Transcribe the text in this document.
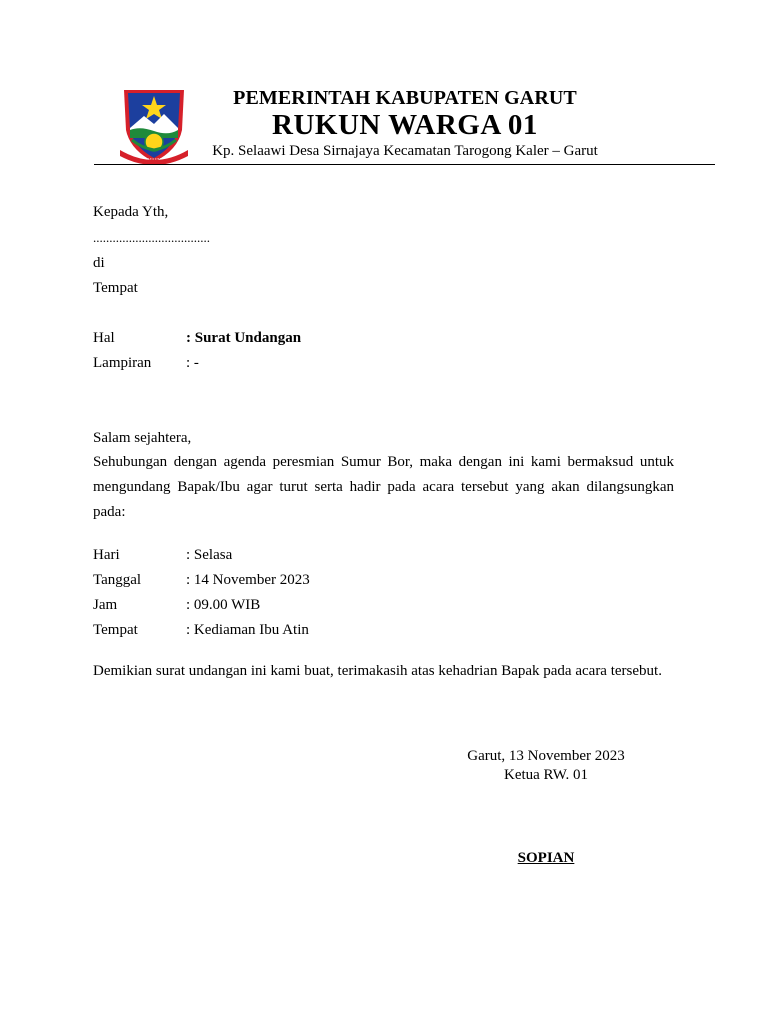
PEMERINTAH KABUPATEN GARUT
RUKUN WARGA 01
Kp. Selaawi Desa Sirnajaya Kecamatan Tarogong Kaler – Garut
Kepada Yth,
....................................
di
Tempat
Hal	: Surat Undangan
Lampiran : -
Salam sejahtera,
Sehubungan dengan agenda peresmian Sumur Bor, maka dengan ini kami bermaksud untuk mengundang Bapak/Ibu agar turut serta hadir pada acara tersebut yang akan dilangsungkan pada:
Hari	: Selasa
Tanggal	: 14 November 2023
Jam	: 09.00 WIB
Tempat	: Kediaman Ibu Atin
Demikian surat undangan ini kami buat, terimakasih atas kehadrian Bapak pada acara tersebut.
Garut, 13 November 2023
Ketua RW. 01
SOPIAN
